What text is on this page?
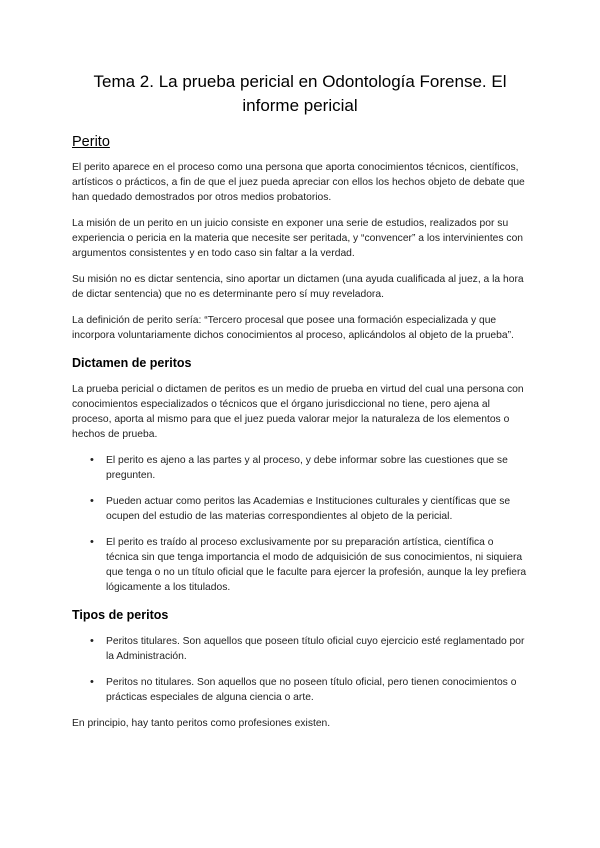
Tema 2. La prueba pericial en Odontología Forense. El informe pericial
Perito

El perito aparece en el proceso como una persona que aporta conocimientos técnicos, científicos, artísticos o prácticos, a fin de que el juez pueda apreciar con ellos los hechos objeto de debate que han quedado demostrados por otros medios probatorios.

La misión de un perito en un juicio consiste en exponer una serie de estudios, realizados por su experiencia o pericia en la materia que necesite ser peritada, y “convencer” a los intervinientes con argumentos consistentes y en todo caso sin faltar a la verdad.

Su misión no es dictar sentencia, sino aportar un dictamen (una ayuda cualificada al juez, a la hora de dictar sentencia) que no es determinante pero sí muy reveladora.

La definición de perito sería: “Tercero procesal que posee una formación especializada y que incorpora voluntariamente dichos conocimientos al proceso, aplicándolos al objeto de la prueba”.

Dictamen de peritos

La prueba pericial o dictamen de peritos es un medio de prueba en virtud del cual una persona con conocimientos especializados o técnicos que el órgano jurisdiccional no tiene, pero ajena al proceso, aporta al mismo para que el juez pueda valorar mejor la naturaleza de los elementos o hechos de prueba.

• El perito es ajeno a las partes y al proceso, y debe informar sobre las cuestiones que se pregunten.
• Pueden actuar como peritos las Academias e Instituciones culturales y científicas que se ocupen del estudio de las materias correspondientes al objeto de la pericial.
• El perito es traído al proceso exclusivamente por su preparación artística, científica o técnica sin que tenga importancia el modo de adquisición de sus conocimientos, ni siquiera que tenga o no un título oficial que le faculte para ejercer la profesión, aunque la ley prefiera lógicamente a los titulados.
Tipos de peritos
• Peritos titulares. Son aquellos que poseen título oficial cuyo ejercicio esté reglamentado por la Administración.
• Peritos no titulares. Son aquellos que no poseen título oficial, pero tienen conocimientos o prácticas especiales de alguna ciencia o arte.

En principio, hay tanto peritos como profesiones existen.
